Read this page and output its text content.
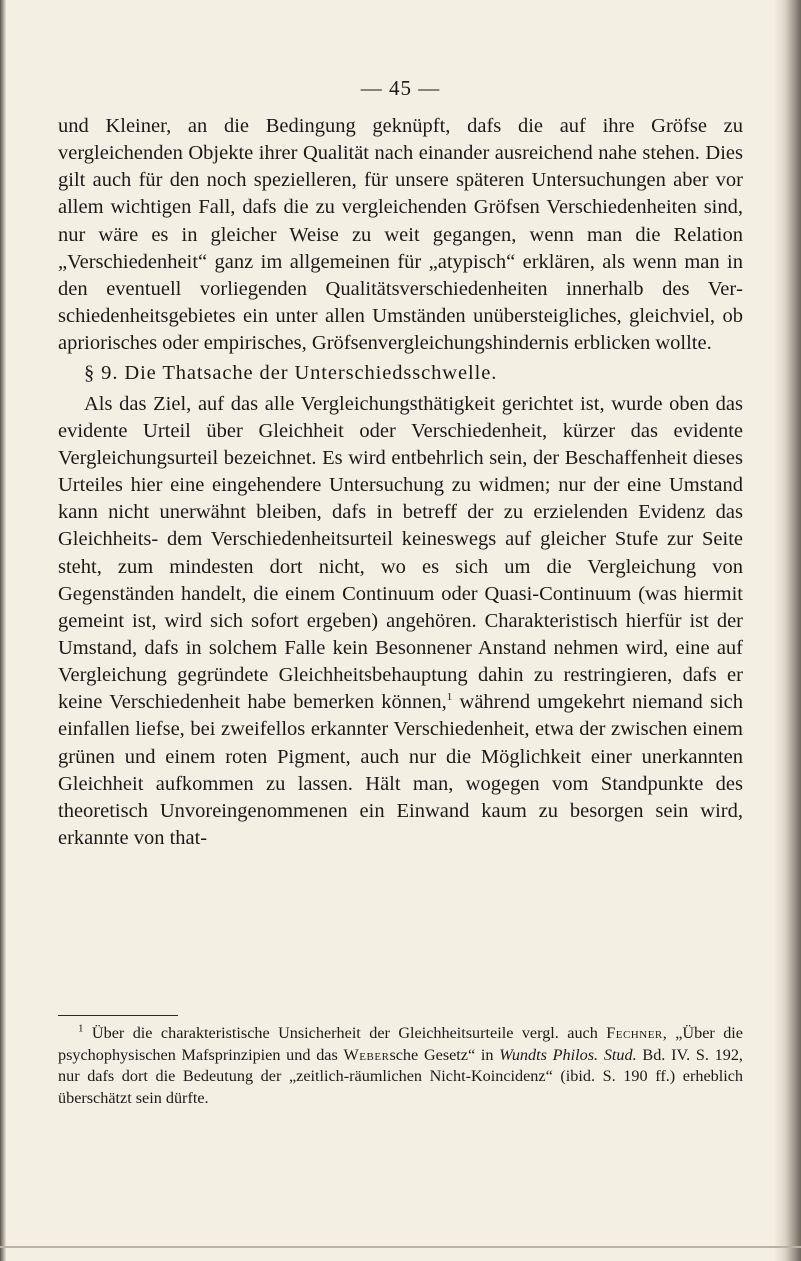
— 45 —

und Kleiner, an die Bedingung geknüpft, dafs die auf ihre Gröfse zu vergleichenden Objekte ihrer Qualität nach einander ausreichend nahe stehen. Dies gilt auch für den noch spezielleren, für unsere späteren Untersuchungen aber vor allem wichtigen Fall, dafs die zu vergleichenden Gröfsen Verschiedenheiten sind, nur wäre es in gleicher Weise zu weit gegangen, wenn man die Relation „Verschiedenheit“ ganz im allgemeinen für „atypisch“ erklären, als wenn man in den eventuell vorliegenden Qualitätsverschiedenheiten innerhalb des Verschiedenheitsgebietes ein unter allen Umständen unübersteigliches, gleichviel, ob apriorisches oder empirisches, Gröfsenvergleichungshindernis erblicken wollte.

§ 9. Die Thatsache der Unterschiedsschwelle.

Als das Ziel, auf das alle Vergleichungsthätigkeit gerichtet ist, wurde oben das evidente Urteil über Gleichheit oder Verschiedenheit, kürzer das evidente Vergleichungsurteil bezeichnet. Es wird entbehrlich sein, der Beschaffenheit dieses Urteiles hier eine eingehendere Untersuchung zu widmen; nur der eine Umstand kann nicht unerwähnt bleiben, dafs in betreff der zu erzielenden Evidenz das Gleichheits- dem Verschiedenheitsurteil keineswegs auf gleicher Stufe zur Seite steht, zum mindesten dort nicht, wo es sich um die Vergleichung von Gegenständen handelt, die einem Continuum oder Quasi-Continuum (was hiermit gemeint ist, wird sich sofort ergeben) angehören. Charakteristisch hierfür ist der Umstand, dafs in solchem Falle kein Besonnener Anstand nehmen wird, eine auf Vergleichung gegründete Gleichheitsbehauptung dahin zu restringieren, dafs er keine Verschiedenheit habe bemerken können,$^1$ während umgekehrt niemand sich einfallen liefse, bei zweifellos erkannter Verschiedenheit, etwa der zwischen einem grünen und einem roten Pigment, auch nur die Möglichkeit einer unerkannten Gleichheit aufkommen zu lassen. Hält man, wogegen vom Standpunkte des theoretisch Unvoreingenommenen ein Einwand kaum zu besorgen sein wird, erkannte von that-

$^1$ Über die charakteristische Unsicherheit der Gleichheitsurteile vergl. auch Fechner, „Über die psychophysischen Mafsprinzipien und das Webersche Gesetz“ in Wundts Philos. Stud. Bd. IV. S. 192, nur dafs dort die Bedeutung der „zeitlich-räumlichen Nicht-Koincidenz“ (ibid. S. 190 ff.) erheblich überschätzt sein dürfte.
